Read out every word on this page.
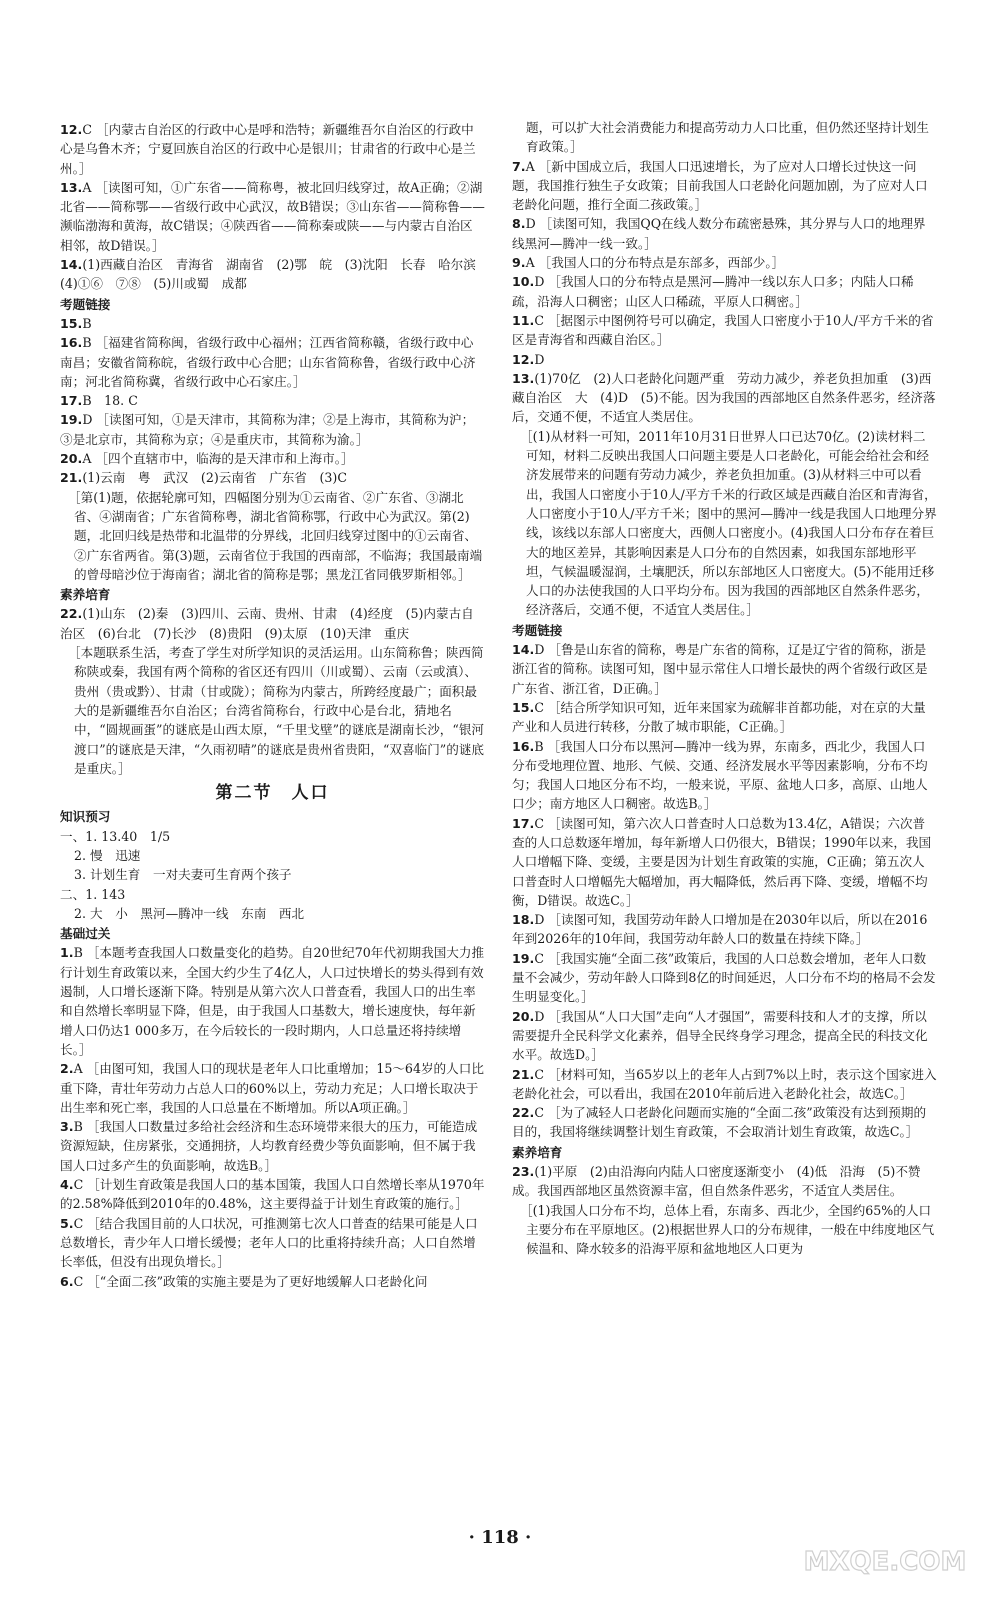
12.C ［内蒙古自治区的行政中心是呼和浩特；新疆维吾尔自治区的行政中心是乌鲁木齐；宁夏回族自治区的行政中心是银川；甘肃省的行政中心是兰州。］
13.A ［读图可知，①广东省——简称粤，被北回归线穿过，故A正确；②湖北省——简称鄂——省级行政中心武汉，故B错误；③山东省——简称鲁——濒临渤海和黄海，故C错误；④陕西省——简称秦或陕——与内蒙古自治区相邻，故D错误。］
14.(1)西藏自治区　青海省　湖南省　(2)鄂　皖　(3)沈阳　长春　哈尔滨　(4)①⑥　⑦⑧　(5)川或蜀　成都
考题链接
15.B
16.B ［福建省简称闽，省级行政中心福州；江西省简称赣，省级行政中心南昌；安徽省简称皖，省级行政中心合肥；山东省简称鲁，省级行政中心济南；河北省简称冀，省级行政中心石家庄。］
17.B　18. C
19.D ［读图可知，①是天津市，其简称为津；②是上海市，其简称为沪；③是北京市，其简称为京；④是重庆市，其简称为渝。］
20.A ［四个直辖市中，临海的是天津市和上海市。］
21.(1)云南　粤　武汉　(2)云南省　广东省　(3)C
［第(1)题，依据轮廓可知，四幅图分别为①云南省、②广东省、③湖北省、④湖南省；广东省简称粤，湖北省简称鄂，行政中心为武汉。第(2)题，北回归线是热带和北温带的分界线，北回归线穿过图中的①云南省、②广东省两省。第(3)题，云南省位于我国的西南部，不临海；我国最南端的曾母暗沙位于海南省；湖北省的简称是鄂；黑龙江省同俄罗斯相邻。］
素养培育
22.(1)山东　(2)秦　(3)四川、云南、贵州、甘肃　(4)经度　(5)内蒙古自治区　(6)台北　(7)长沙　(8)贵阳　(9)太原　(10)天津　重庆
［本题联系生活，考查了学生对所学知识的灵活运用。山东简称鲁；陕西简称陕或秦，我国有两个简称的省区还有四川（川或蜀）、云南（云或滇）、贵州（贵或黔）、甘肃（甘或陇）；简称为内蒙古，所跨经度最广；面积最大的是新疆维吾尔自治区；台湾省简称台，行政中心是台北，猜地名中，“圆规画蛋”的谜底是山西太原，“千里戈壁”的谜底是湖南长沙，“银河渡口”的谜底是天津，“久雨初晴”的谜底是贵州省贵阳，“双喜临门”的谜底是重庆。］
第二节　人口
知识预习
一、1. 13.40　1/5
2. 慢　迅速
3. 计划生育　一对夫妻可生育两个孩子
二、1. 143
2. 大　小　黑河—腾冲一线　东南　西北
基础过关
1.B ［本题考查我国人口数量变化的趋势。自20世纪70年代初期我国大力推行计划生育政策以来，全国大约少生了4亿人，人口过快增长的势头得到有效遏制，人口增长逐渐下降。特别是从第六次人口普查看，我国人口的出生率和自然增长率明显下降，但是，由于我国人口基数大，增长速度快，每年新增人口仍达1 000多万，在今后较长的一段时期内，人口总量还将持续增长。］
2.A ［由图可知，我国人口的现状是老年人口比重增加；15～64岁的人口比重下降，青壮年劳动力占总人口的60%以上，劳动力充足；人口增长取决于出生率和死亡率，我国的人口总量在不断增加。所以A项正确。］
3.B ［我国人口数量过多给社会经济和生态环境带来很大的压力，可能造成资源短缺，住房紧张，交通拥挤，人均教育经费少等负面影响，但不属于我国人口过多产生的负面影响，故选B。］
4.C ［计划生育政策是我国人口的基本国策，我国人口自然增长率从1970年的2.58%降低到2010年的0.48%，这主要得益于计划生育政策的施行。］
5.C ［结合我国目前的人口状况，可推测第七次人口普查的结果可能是人口总数增长，青少年人口增长缓慢；老年人口的比重将持续升高；人口自然增长率低，但没有出现负增长。］
6.C ［“全面二孩”政策的实施主要是为了更好地缓解人口老龄化问
题，可以扩大社会消费能力和提高劳动力人口比重，但仍然还坚持计划生育政策。］
7.A ［新中国成立后，我国人口迅速增长，为了应对人口增长过快这一问题，我国推行独生子女政策；目前我国人口老龄化问题加剧，为了应对人口老龄化问题，推行全面二孩政策。］
8.D ［读图可知，我国QQ在线人数分布疏密悬殊，其分界与人口的地理界线黑河—腾冲一线一致。］
9.A ［我国人口的分布特点是东部多，西部少。］
10.D ［我国人口的分布特点是黑河—腾冲一线以东人口多；内陆人口稀疏，沿海人口稠密；山区人口稀疏，平原人口稠密。］
11.C ［据图示中图例符号可以确定，我国人口密度小于10人/平方千米的省区是青海省和西藏自治区。］
12.D
13.(1)70亿　(2)人口老龄化问题严重　劳动力减少，养老负担加重　(3)西藏自治区　大　(4)D　(5)不能。因为我国的西部地区自然条件恶劣，经济落后，交通不便，不适宜人类居住。
［(1)从材料一可知，2011年10月31日世界人口已达70亿。(2)读材料二可知，材料二反映出我国人口问题主要是人口老龄化，可能会给社会和经济发展带来的问题有劳动力减少，养老负担加重。(3)从材料三中可以看出，我国人口密度小于10人/平方千米的行政区域是西藏自治区和青海省，人口密度小于10人/平方千米；图中的黑河—腾冲一线是我国人口地理分界线，该线以东部人口密度大，西侧人口密度小。(4)我国人口分布存在着巨大的地区差异，其影响因素是人口分布的自然因素，如我国东部地形平坦，气候温暖湿润，土壤肥沃，所以东部地区人口密度大。(5)不能用迁移人口的办法使我国的人口平均分布。因为我国的西部地区自然条件恶劣，经济落后，交通不便，不适宜人类居住。］
考题链接
14.D ［鲁是山东省的简称，粤是广东省的简称，辽是辽宁省的简称，浙是浙江省的简称。读图可知，图中显示常住人口增长最快的两个省级行政区是广东省、浙江省，D正确。］
15.C ［结合所学知识可知，近年来国家为疏解非首都功能，对在京的大量产业和人员进行转移，分散了城市职能，C正确。］
16.B ［我国人口分布以黑河—腾冲一线为界，东南多，西北少，我国人口分布受地理位置、地形、气候、交通、经济发展水平等因素影响，分布不均匀；我国人口地区分布不均，一般来说，平原、盆地人口多，高原、山地人口少；南方地区人口稠密。故选B。］
17.C ［读图可知，第六次人口普查时人口总数为13.4亿，A错误；六次普查的人口总数逐年增加，每年新增人口仍很大，B错误；1990年以来，我国人口增幅下降、变缓，主要是因为计划生育政策的实施，C正确；第五次人口普查时人口增幅先大幅增加，再大幅降低，然后再下降、变缓，增幅不均衡，D错误。故选C。］
18.D ［读图可知，我国劳动年龄人口增加是在2030年以后，所以在2016年到2026年的10年间，我国劳动年龄人口的数量在持续下降。］
19.C ［我国实施“全面二孩”政策后，我国的人口总数会增加，老年人口数量不会减少，劳动年龄人口降到8亿的时间延迟，人口分布不均的格局不会发生明显变化。］
20.D ［我国从“人口大国”走向“人才强国”，需要科技和人才的支撑，所以需要提升全民科学文化素养，倡导全民终身学习理念，提高全民的科技文化水平。故选D。］
21.C ［材料可知，当65岁以上的老年人占到7%以上时，表示这个国家进入老龄化社会，可以看出，我国在2010年前后进入老龄化社会，故选C。］
22.C ［为了减轻人口老龄化问题而实施的“全面二孩”政策没有达到预期的目的，我国将继续调整计划生育政策，不会取消计划生育政策，故选C。］
素养培育
23.(1)平原　(2)由沿海向内陆人口密度逐渐变小　(4)低　沿海　(5)不赞成。我国西部地区虽然资源丰富，但自然条件恶劣，不适宜人类居住。
［(1)我国人口分布不均，总体上看，东南多、西北少，全国约65%的人口主要分布在平原地区。(2)根据世界人口的分布规律，一般在中纬度地区气候温和、降水较多的沿海平原和盆地地区人口更为
· 118 ·
MXQE.COM
